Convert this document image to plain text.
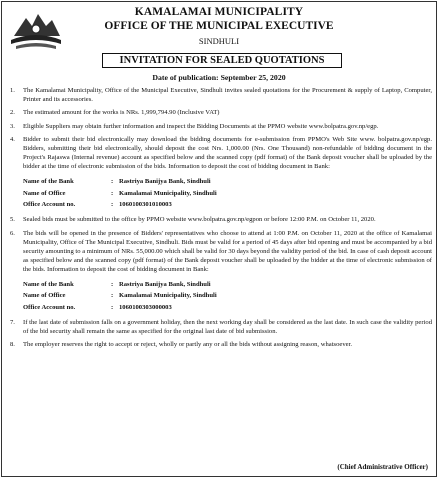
KAMALAMAI MUNICIPALITY
OFFICE OF THE MUNICIPAL EXECUTIVE
SINDHULI
INVITATION FOR SEALED QUOTATIONS
Date of publication: September 25, 2020
1. The Kamalamai Municipality, Office of the Municipal Executive, Sindhuli invites sealed quotations for the Procurement & supply of Laptop, Computer, Printer and its accessories.
2. The estimated amount for the works is NRs. 1,999,794.90 (Inclusive VAT)
3. Eligible Suppliers may obtain further information and inspect the Bidding Documents at the PPMO website www.bolpatra.gov.np/egp.
4. Bidder to submit their bid electronically may download the bidding documents for e-submission from PPMO's Web Site www. bolpatra.gov.np/egp. Bidders, submitting their bid electronically, should deposit the cost Nrs. 1,000.00 (Nrs. One Thousand) non-refundable of bidding document in the Project's Rajaswa (Internal revenue) account as specified below and the scanned copy (pdf format) of the Bank deposit voucher shall be uploaded by the bidder at the time of electronic submission of the bids. Information to deposit the cost of bidding document in Bank:
Name of the Bank	: Rastriya Banijya Bank, Sindhuli
Name of Office	: Kamalamai Municipality, Sindhuli
Office Account no.	: 1060100301010003
5. Sealed bids must be submitted to the office by PPMO website www.bolpatra.gov.np/egpon or before 12:00 P.M. on October 11, 2020.
6. The bids will be opened in the presence of Bidders' representatives who choose to attend at 1:00 P.M. on October 11, 2020 at the office of Kamalamai Municipality, Office of The Municipal Executive, Sindhuli. Bids must be valid for a period of 45 days after bid opening and must be accompanied by a bid security amounting to a minimum of NRs. 55,000.00 which shall be valid for 30 days beyond the validity period of the bid. In case of cash deposit account as specified below and the scanned copy (pdf format) of the Bank deposit voucher shall be uploaded by the bidder at the time of electronic submission of the bids. Information to deposit the cost of bidding document in Bank:
Name of the Bank	: Rastriya Banijya Bank, Sindhuli
Name of Office	: Kamalamai Municipality, Sindhuli
Office Account no.	: 1060100303000003
7. If the last date of submission falls on a government holiday, then the next working day shall be considered as the last date. In such case the validity period of the bid security shall remain the same as specified for the original last date of bid submission.
8. The employer reserves the right to accept or reject, wholly or partly any or all the bids without assigning reason, whatsoever.
(Chief Administrative Officer)
